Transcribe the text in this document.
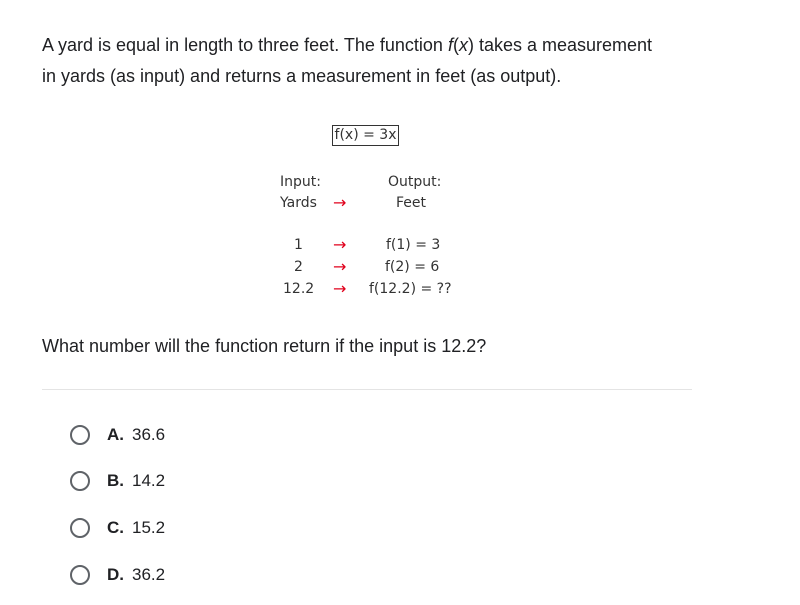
A yard is equal in length to three feet. The function f(x) takes a measurement
in yards (as input) and returns a measurement in feet (as output).

f(x) = 3x
Input:
Yards
Output:
Feet
→
1 →	f(1) = 3
2 →	f(2) = 6
12.2 → f(12.2) = ??

What number will the function return if the input is 12.2?

A. 36.6
B. 14.2
C. 15.2
D. 36.2
